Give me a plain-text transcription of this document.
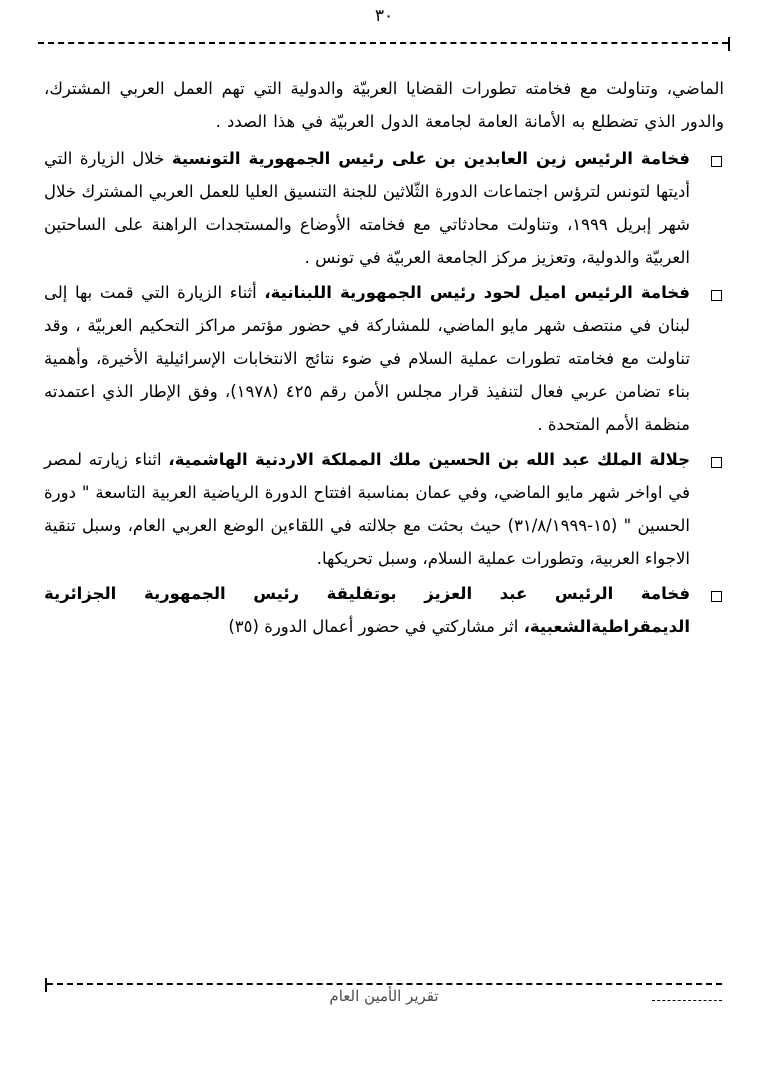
٣٠

الماضي، وتناولت مع فخامته تطورات القضايا العربيّة والدولية التي تهم العمل العربي المشترك، والدور الذي تضطلع به الأمانة العامة لجامعة الدول العربيّة في هذا الصدد .

فخامة الرئيس زين العابدين بن على رئيس الجمهورية التونسية خلال الزيارة التي أديتها لتونس لترؤس اجتماعات الدورة الثّلاثين للجنة التنسيق العليا للعمل العربي المشترك خلال شهر إبريل ١٩٩٩، وتناولت محادثاتي مع فخامته الأوضاع والمستجدات الراهنة على الساحتين العربيّة والدولية، وتعزيز مركز الجامعة العربيّة في تونس .

فخامة الرئيس اميل لحود رئيس الجمهورية اللبنانية، أثناء الزيارة التي قمت بها إلى لبنان في منتصف شهر مايو الماضي، للمشاركة في حضور مؤتمر مراكز التحكيم العربيّة ، وقد تناولت مع فخامته تطورات عملية السلام في ضوء نتائج الانتخابات الإسرائيلية الأخيرة، وأهمية بناء تضامن عربي فعال لتنفيذ قرار مجلس الأمن رقم ٤٢٥ (١٩٧٨)، وفق الإطار الذي اعتمدته منظمة الأمم المتحدة .

جلالة الملك عبد الله بن الحسين ملك المملكة الاردنية الهاشمية، اثناء زيارته لمصر في اواخر شهر مايو الماضي، وفي عمان بمناسبة افتتاح الدورة الرياضية العربية التاسعة " دورة الحسين " (١٥-٣١/٨/١٩٩٩) حيث بحثت مع جلالته في اللقاءين الوضع العربي العام، وسبل تنقية الاجواء العربية، وتطورات عملية السلام، وسبل تحريكها.

فخامة الرئيس عبد العزيز بوتفليقة رئيس الجمهورية الجزائرية الديمقراطيةالشعبية، اثر مشاركتي في حضور أعمال الدورة (٣٥)

تقرير الأمين العام
